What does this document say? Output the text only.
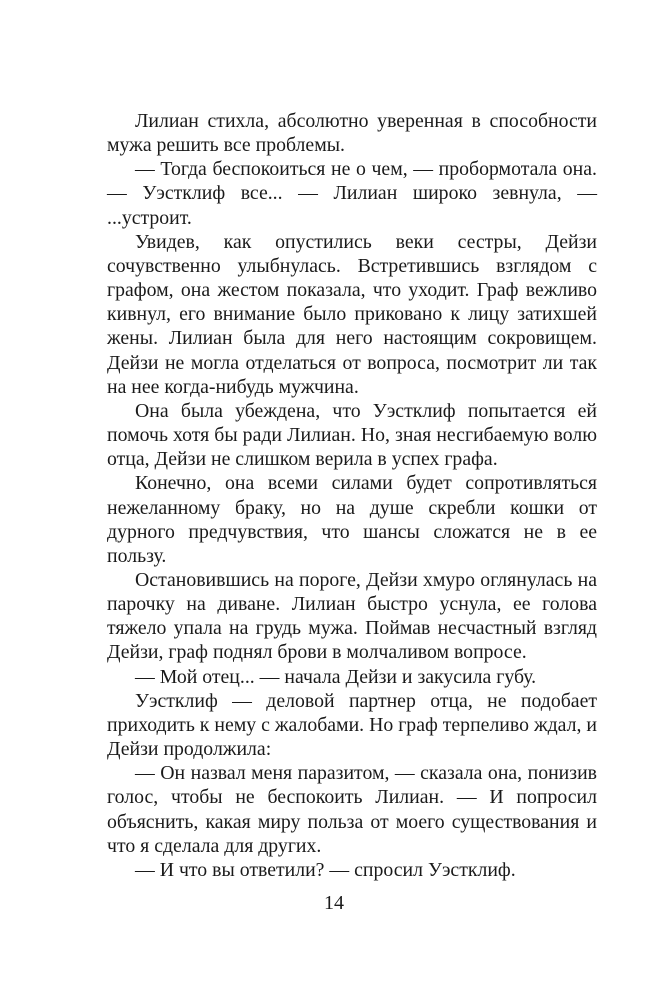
Лилиан стихла, абсолютно уверенная в способности мужа решить все проблемы.

— Тогда беспокоиться не о чем, — пробормотала она. — Уэстклиф все... — Лилиан широко зевнула, — ...устроит.

Увидев, как опустились веки сестры, Дейзи сочувственно улыбнулась. Встретившись взглядом с графом, она жестом показала, что уходит. Граф вежливо кивнул, его внимание было приковано к лицу затихшей жены. Лилиан была для него настоящим сокровищем. Дейзи не могла отделаться от вопроса, посмотрит ли так на нее когда-нибудь мужчина.

Она была убеждена, что Уэстклиф попытается ей помочь хотя бы ради Лилиан. Но, зная несгибаемую волю отца, Дейзи не слишком верила в успех графа.

Конечно, она всеми силами будет сопротивляться нежеланному браку, но на душе скребли кошки от дурного предчувствия, что шансы сложатся не в ее пользу.

Остановившись на пороге, Дейзи хмуро оглянулась на парочку на диване. Лилиан быстро уснула, ее голова тяжело упала на грудь мужа. Поймав несчастный взгляд Дейзи, граф поднял брови в молчаливом вопросе.

— Мой отец... — начала Дейзи и закусила губу.

Уэстклиф — деловой партнер отца, не подобает приходить к нему с жалобами. Но граф терпеливо ждал, и Дейзи продолжила:

— Он назвал меня паразитом, — сказала она, понизив голос, чтобы не беспокоить Лилиан. — И попросил объяснить, какая миру польза от моего существования и что я сделала для других.

— И что вы ответили? — спросил Уэстклиф.

14
